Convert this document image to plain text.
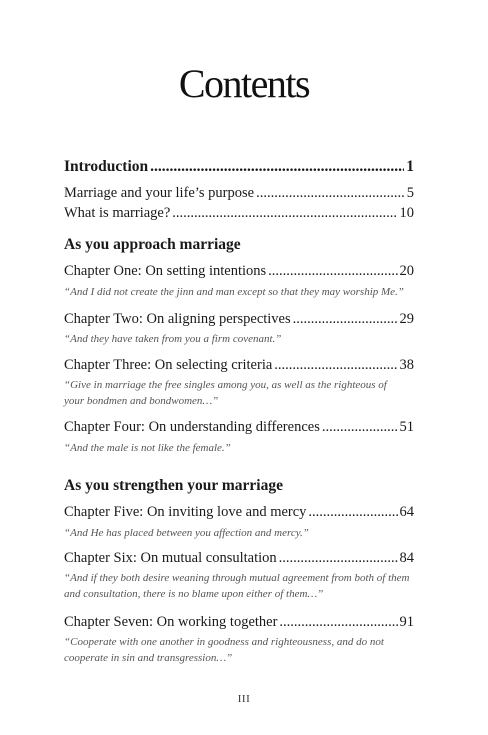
Contents
Introduction .....	1
Marriage and your life’s purpose .....	5
What is marriage? .....	10
As you approach marriage
Chapter One: On setting intentions .....	20
“And I did not create the jinn and man except so that they may worship Me.”
Chapter Two: On aligning perspectives .....	29
“And they have taken from you a firm covenant.”
Chapter Three: On selecting criteria .....	38
“Give in marriage the free singles among you, as well as the righteous of
your bondmen and bondwomen…”
Chapter Four: On understanding differences .....	51
“And the male is not like the female.”
As you strengthen your marriage
Chapter Five: On inviting love and mercy .....	64
“And He has placed between you affection and mercy.”
Chapter Six: On mutual consultation .....	84
“And if they both desire weaning through mutual agreement from both of them
and consultation, there is no blame upon either of them…”
Chapter Seven: On working together .....	91
“Cooperate with one another in goodness and righteousness, and do not
cooperate in sin and transgression…”
III
